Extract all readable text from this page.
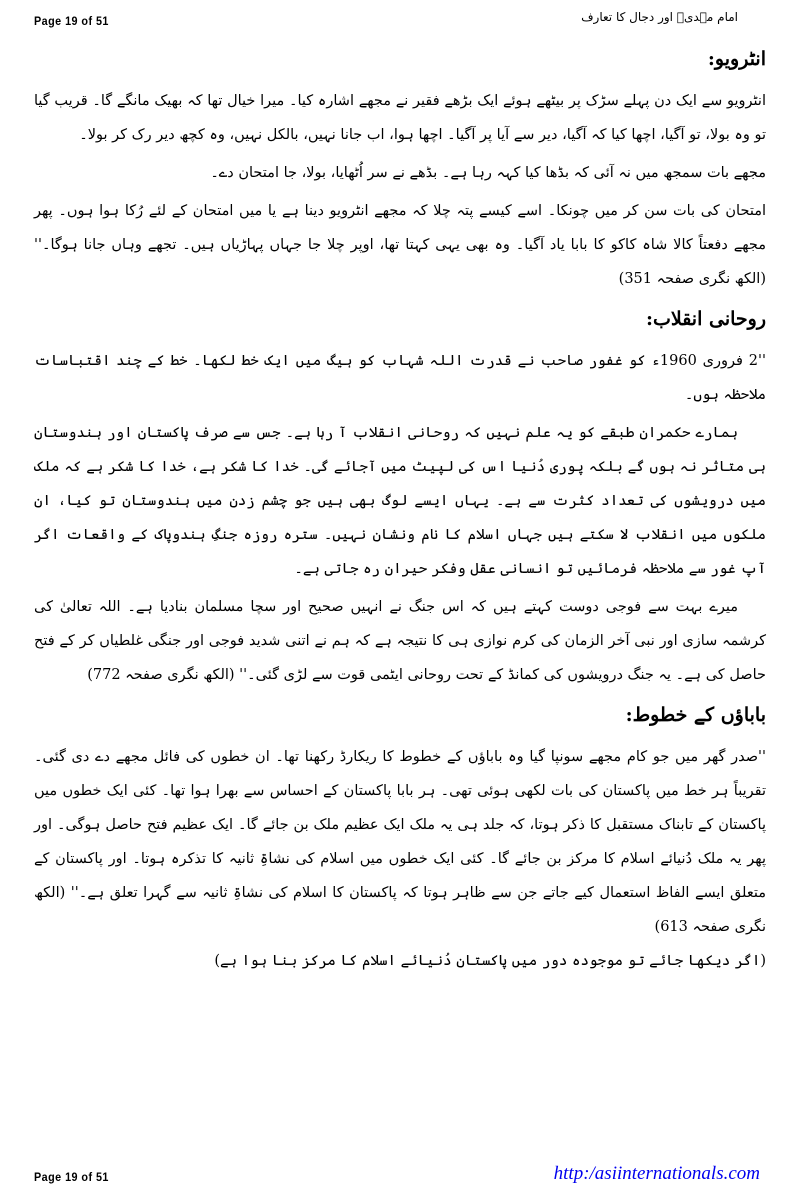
Page 19 of 51	امام مہدیؑ اور دجال کا تعارف
انٹرویو:

انٹرویو سے ایک دن پہلے سڑک پر بیٹھے ہوئے ایک بڑھے فقیر نے مجھے اشارہ کیا۔ میرا خیال تھا کہ بھیک مانگے گا۔ قریب گیا تو وہ بولا، تو آگیا، اچھا کیا کہ آگیا، دیر سے آیا پر آگیا۔ اچھا ہوا، اب جانا نہیں، بالکل نہیں، وہ کچھ دیر رک کر بولا۔

مجھے بات سمجھ میں نہ آئی کہ بڈھا کیا کہہ رہا ہے۔ بڈھے نے سر اُٹھایا، بولا، جا امتحان دے۔

امتحان کی بات سن کر میں چونکا۔ اسے کیسے پتہ چلا کہ مجھے انٹرویو دینا ہے یا میں امتحان کے لئے رُکا ہوا ہوں۔ پھر مجھے دفعتاً کالا شاہ کاکو کا بابا یاد آگیا۔ وہ بھی یہی کہتا تھا، اوپر چلا جا جہاں پہاڑیاں ہیں۔ تجھے وہاں جانا ہوگا۔'' (الکھ نگری صفحہ 351)

روحانی انقلاب:

''2 فروری 1960ء کو غفور صاحب نے قدرت اللہ شہاب کو ہیگ میں ایک خط لکھا۔ خط کے چند اقتباسات ملاحظہ ہوں۔

ہمارے حکمران طبقے کو یہ علم نہیں کہ روحانی انقلاب آ رہا ہے۔ جس سے صرف پاکستان اور ہندوستان ہی متاثر نہ ہوں گے بلکہ پوری دُنیا اس کی لپیٹ میں آجائے گی۔ خدا کا شکر ہے، خدا کا شکر ہے کہ ملک میں درویشوں کی تعداد کثرت سے ہے۔ یہاں ایسے لوگ بھی ہیں جو چشم زدن میں ہندوستان تو کیا، ان ملکوں میں انقلاب لا سکتے ہیں جہاں اسلام کا نام ونشان نہیں۔ سترہ روزہ جنگِ ہندوپاک کے واقعات اگر آپ غور سے ملاحظہ فرمائیں تو انسانی عقل وفکر حیران رہ جاتی ہے۔

میرے بہت سے فوجی دوست کہتے ہیں کہ اس جنگ نے انہیں صحیح اور سچا مسلمان بنادیا ہے۔ اللہ تعالیٰ کی کرشمہ سازی اور نبی آخر الزمان کی کرم نوازی ہی کا نتیجہ ہے کہ ہم نے اتنی شدید فوجی اور جنگی غلطیاں کر کے فتح حاصل کی ہے۔ یہ جنگ درویشوں کی کمانڈ کے تحت روحانی ایٹمی قوت سے لڑی گئی۔'' (الکھ نگری صفحہ 772)

باباؤں کے خطوط:

''صدر گھر میں جو کام مجھے سونپا گیا وہ باباؤں کے خطوط کا ریکارڈ رکھنا تھا۔ ان خطوں کی فائل مجھے دے دی گئی۔ تقریباً ہر خط میں پاکستان کی بات لکھی ہوئی تھی۔ ہر بابا پاکستان کے احساس سے بھرا ہوا تھا۔ کئی ایک خطوں میں پاکستان کے تابناک مستقبل کا ذکر ہوتا، کہ جلد ہی یہ ملک ایک عظیم ملک بن جائے گا۔ ایک عظیم فتح حاصل ہوگی۔ اور پھر یہ ملک دُنیائے اسلام کا مرکز بن جائے گا۔ کئی ایک خطوں میں اسلام کی نشاۃِ ثانیہ کا تذکرہ ہوتا۔ اور پاکستان کے متعلق ایسے الفاظ استعمال کیے جاتے جن سے ظاہر ہوتا کہ پاکستان کا اسلام کی نشاۃِ ثانیہ سے گہرا تعلق ہے۔'' (الکھ نگری صفحہ 613)

(اگر دیکھا جائے تو موجودہ دور میں پاکستان دُنیائے اسلام کا مرکز بنا ہوا ہے)

Page 19 of 51	http:/asiinternationals.com
